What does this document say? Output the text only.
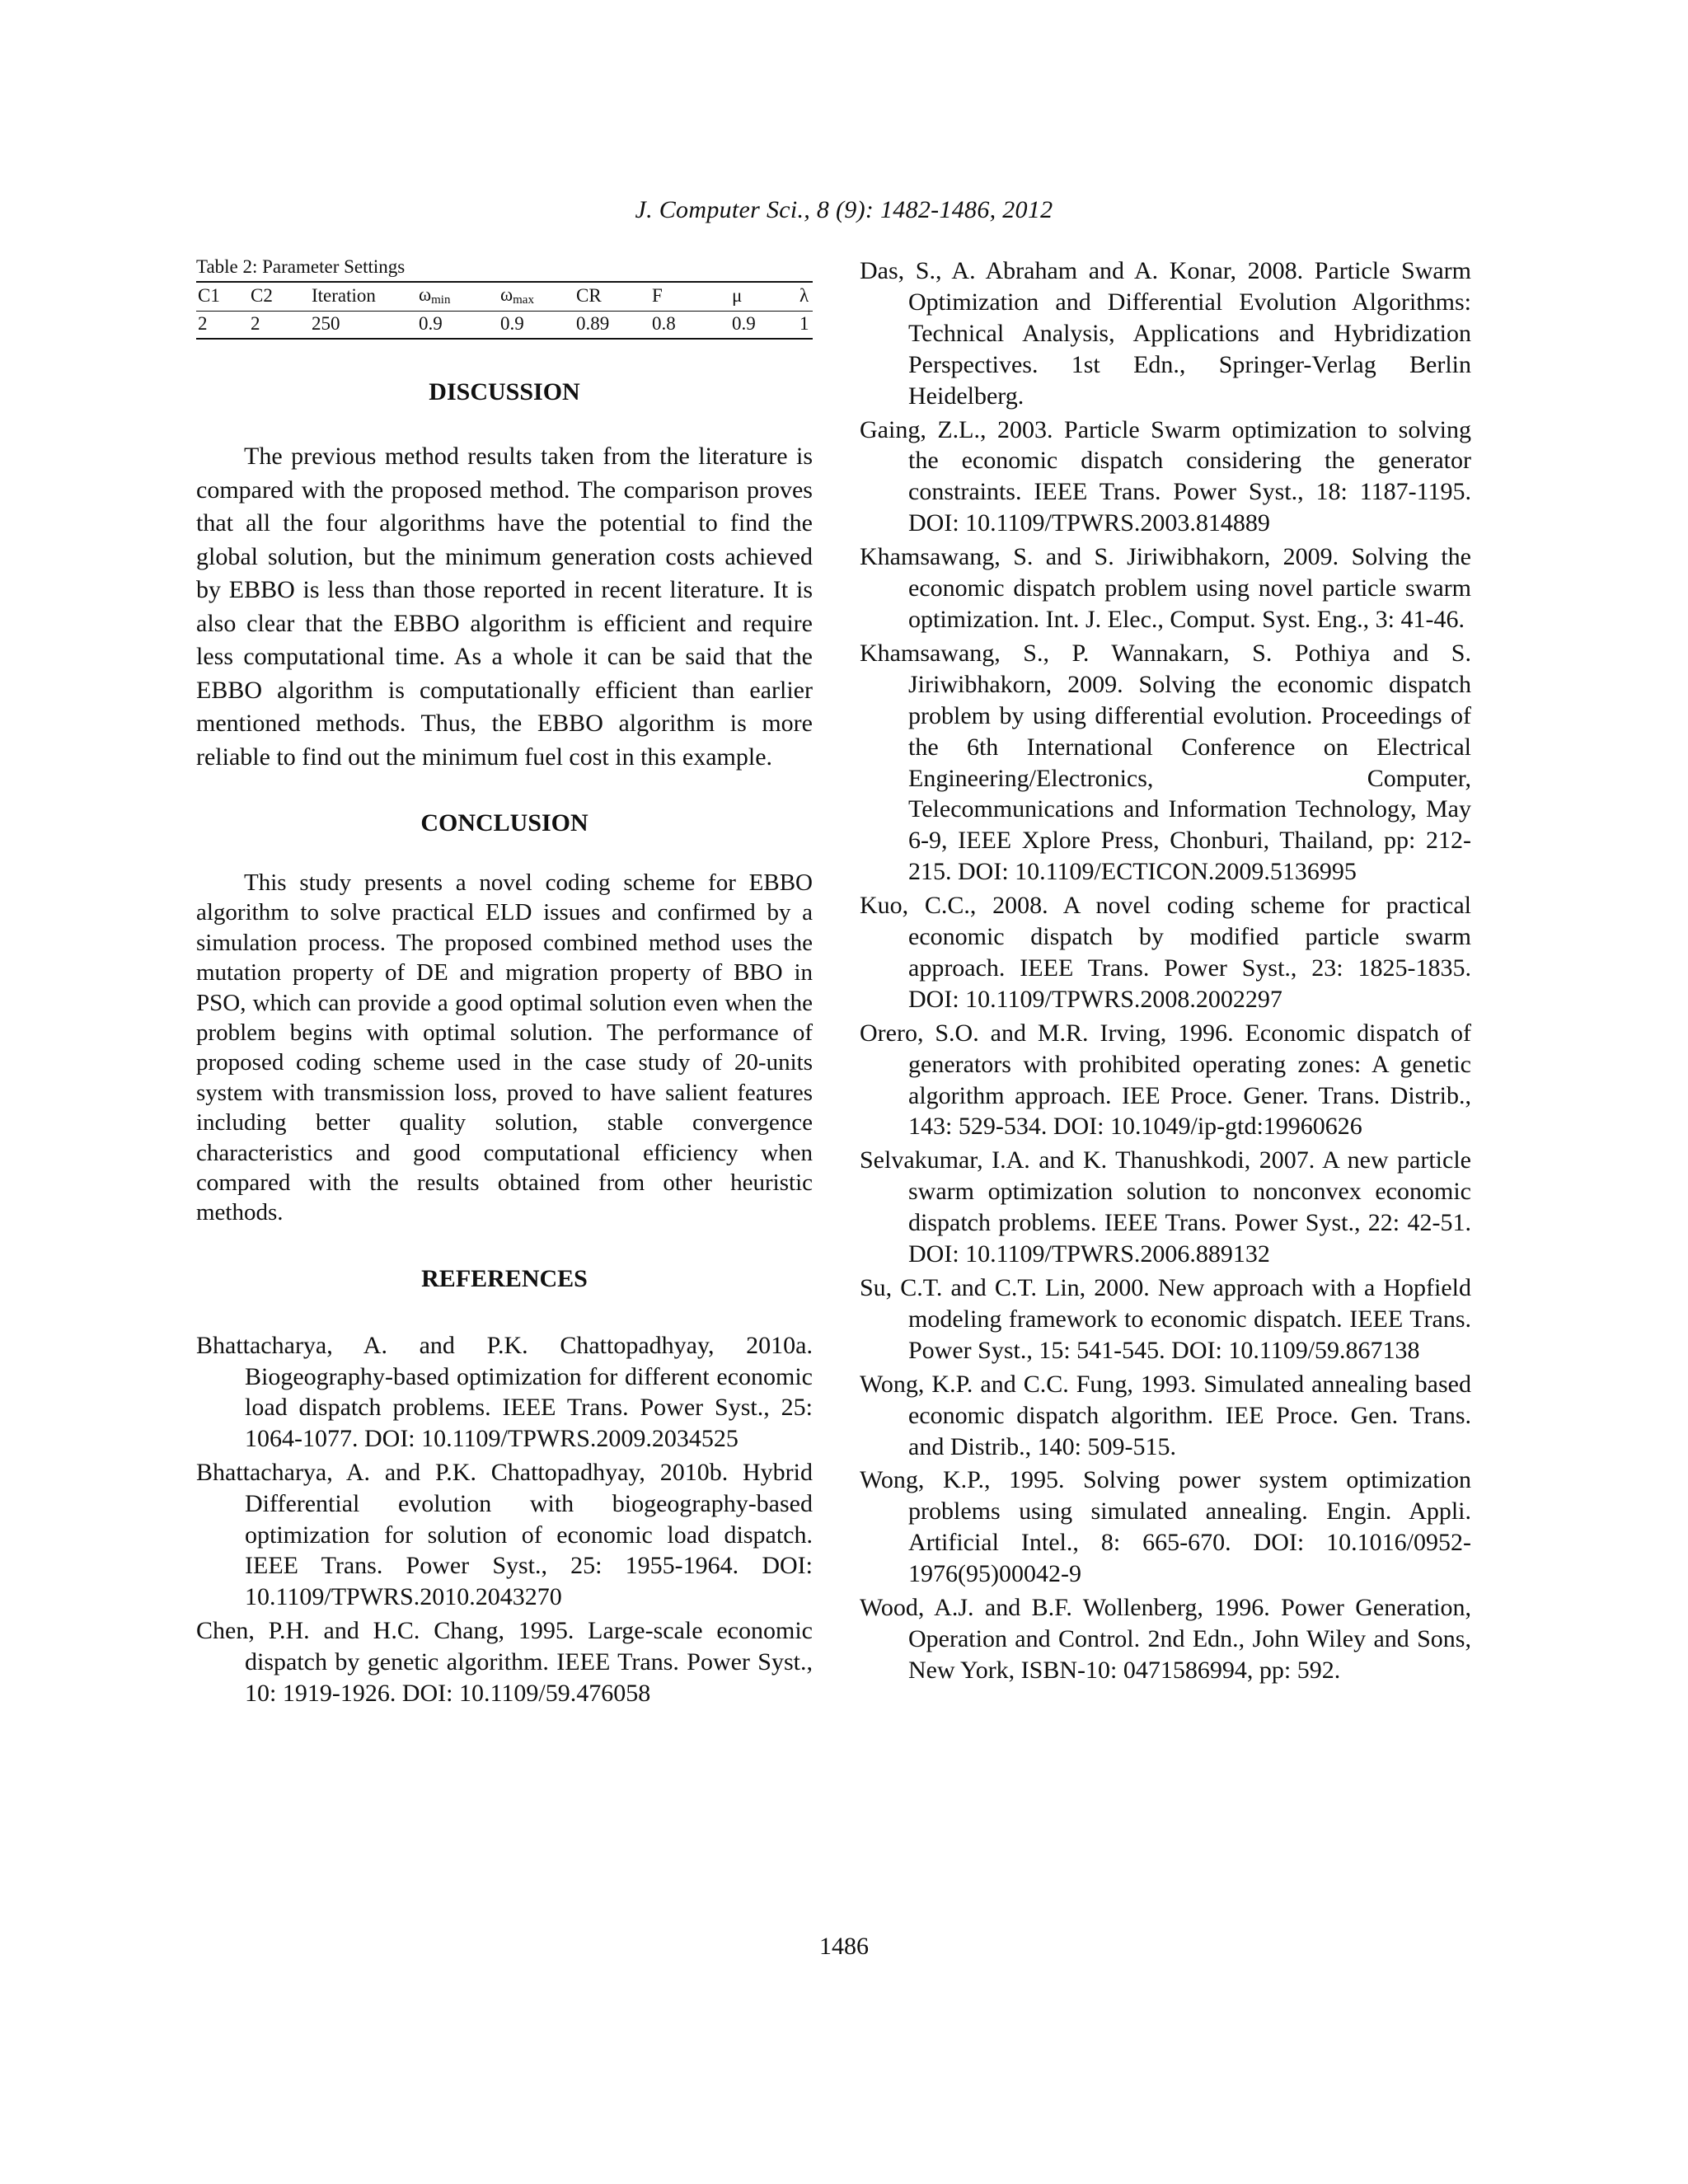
J. Computer Sci., 8 (9): 1482-1486, 2012
Table 2: Parameter Settings
C1	C2	Iteration	$\omega_{min}$	$\omega_{max}$	CR	F	μ	λ
2	2	250	0.9	0.9	0.89	0.8	0.9	1
DISCUSSION

The previous method results taken from the literature is compared with the proposed method. The comparison proves that all the four algorithms have the potential to find the global solution, but the minimum generation costs achieved by EBBO is less than those reported in recent literature. It is also clear that the EBBO algorithm is efficient and require less computational time. As a whole it can be said that the EBBO algorithm is computationally efficient than earlier mentioned methods. Thus, the EBBO algorithm is more reliable to find out the minimum fuel cost in this example.

CONCLUSION

This study presents a novel coding scheme for EBBO algorithm to solve practical ELD issues and confirmed by a simulation process. The proposed combined method uses the mutation property of DE and migration property of BBO in PSO, which can provide a good optimal solution even when the problem begins with optimal solution. The performance of proposed coding scheme used in the case study of 20-units system with transmission loss, proved to have salient features including better quality solution, stable convergence characteristics and good computational efficiency when compared with the results obtained from other heuristic methods.

REFERENCES

Bhattacharya, A. and P.K. Chattopadhyay, 2010a. Biogeography-based optimization for different economic load dispatch problems. IEEE Trans. Power Syst., 25: 1064-1077. DOI: 10.1109/TPWRS.2009.2034525

Bhattacharya, A. and P.K. Chattopadhyay, 2010b. Hybrid Differential evolution with biogeography-based optimization for solution of economic load dispatch. IEEE Trans. Power Syst., 25: 1955-1964. DOI: 10.1109/TPWRS.2010.2043270

Chen, P.H. and H.C. Chang, 1995. Large-scale economic dispatch by genetic algorithm. IEEE Trans. Power Syst., 10: 1919-1926. DOI: 10.1109/59.476058

Das, S., A. Abraham and A. Konar, 2008. Particle Swarm Optimization and Differential Evolution Algorithms: Technical Analysis, Applications and Hybridization Perspectives. 1st Edn., Springer-Verlag Berlin Heidelberg.

Gaing, Z.L., 2003. Particle Swarm optimization to solving the economic dispatch considering the generator constraints. IEEE Trans. Power Syst., 18: 1187-1195. DOI: 10.1109/TPWRS.2003.814889

Khamsawang, S. and S. Jiriwibhakorn, 2009. Solving the economic dispatch problem using novel particle swarm optimization. Int. J. Elec., Comput. Syst. Eng., 3: 41-46.

Khamsawang, S., P. Wannakarn, S. Pothiya and S. Jiriwibhakorn, 2009. Solving the economic dispatch problem by using differential evolution. Proceedings of the 6th International Conference on Electrical Engineering/Electronics, Computer, Telecommunications and Information Technology, May 6-9, IEEE Xplore Press, Chonburi, Thailand, pp: 212-215. DOI: 10.1109/ECTICON.2009.5136995

Kuo, C.C., 2008. A novel coding scheme for practical economic dispatch by modified particle swarm approach. IEEE Trans. Power Syst., 23: 1825-1835. DOI: 10.1109/TPWRS.2008.2002297

Orero, S.O. and M.R. Irving, 1996. Economic dispatch of generators with prohibited operating zones: A genetic algorithm approach. IEE Proce. Gener. Trans. Distrib., 143: 529-534. DOI: 10.1049/ip-gtd:19960626

Selvakumar, I.A. and K. Thanushkodi, 2007. A new particle swarm optimization solution to nonconvex economic dispatch problems. IEEE Trans. Power Syst., 22: 42-51. DOI: 10.1109/TPWRS.2006.889132

Su, C.T. and C.T. Lin, 2000. New approach with a Hopfield modeling framework to economic dispatch. IEEE Trans. Power Syst., 15: 541-545. DOI: 10.1109/59.867138

Wong, K.P. and C.C. Fung, 1993. Simulated annealing based economic dispatch algorithm. IEE Proce. Gen. Trans. and Distrib., 140: 509-515.

Wong, K.P., 1995. Solving power system optimization problems using simulated annealing. Engin. Appli. Artificial Intel., 8: 665-670. DOI: 10.1016/0952-1976(95)00042-9

Wood, A.J. and B.F. Wollenberg, 1996. Power Generation, Operation and Control. 2nd Edn., John Wiley and Sons, New York, ISBN-10: 0471586994, pp: 592.

1486
